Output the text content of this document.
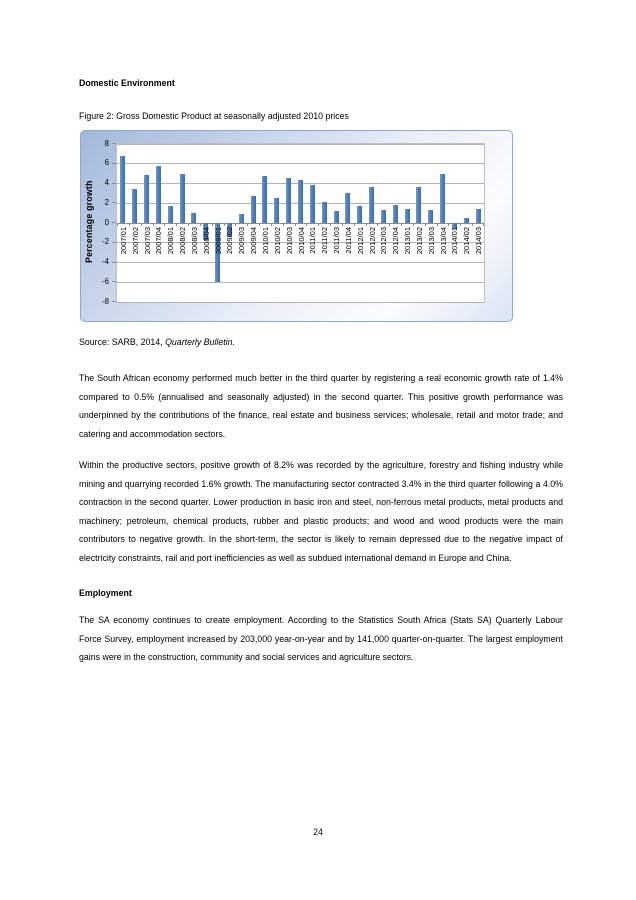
Domestic Environment
Figure 2: Gross Domestic Product at seasonally adjusted 2010 prices
Percentage growth	2007/01 2007/02 2007/03 2007/04 2008/01 2008/02 2008/03 2008/04 2009/01 2009/02 2009/03 2009/04 2010/01 2010/02 2010/03 2010/04 2011/01 2011/02 2011/03 2011/04 2012/01 2012/02 2012/03 2012/04 2013/01 2013/02 2013/03 2013/04 2014/01 2014/02 2014/03
8
6
4
2
0
-2
-4
-6
-8
Source: SARB, 2014, Quarterly Bulletin.
The South African economy performed much better in the third quarter by registering a real economic growth rate of 1.4% compared to 0.5% (annualised and seasonally adjusted) in the second quarter. This positive growth performance was underpinned by the contributions of the finance, real estate and business services; wholesale, retail and motor trade; and catering and accommodation sectors.
Within the productive sectors, positive growth of 8.2% was recorded by the agriculture, forestry and fishing industry while mining and quarrying recorded 1.6% growth. The manufacturing sector contracted 3.4% in the third quarter following a 4.0% contraction in the second quarter. Lower production in basic iron and steel, non-ferrous metal products, metal products and machinery; petroleum, chemical products, rubber and plastic products; and wood and wood products were the main contributors to negative growth. In the short-term, the sector is likely to remain depressed due to the negative impact of electricity constraints, rail and port inefficiencies as well as subdued international demand in Europe and China.
Employment
The SA economy continues to create employment. According to the Statistics South Africa (Stats SA) Quarterly Labour Force Survey, employment increased by 203,000 year-on-year and by 141,000 quarter-on-quarter. The largest employment gains were in the construction, community and social services and agriculture sectors.
24
